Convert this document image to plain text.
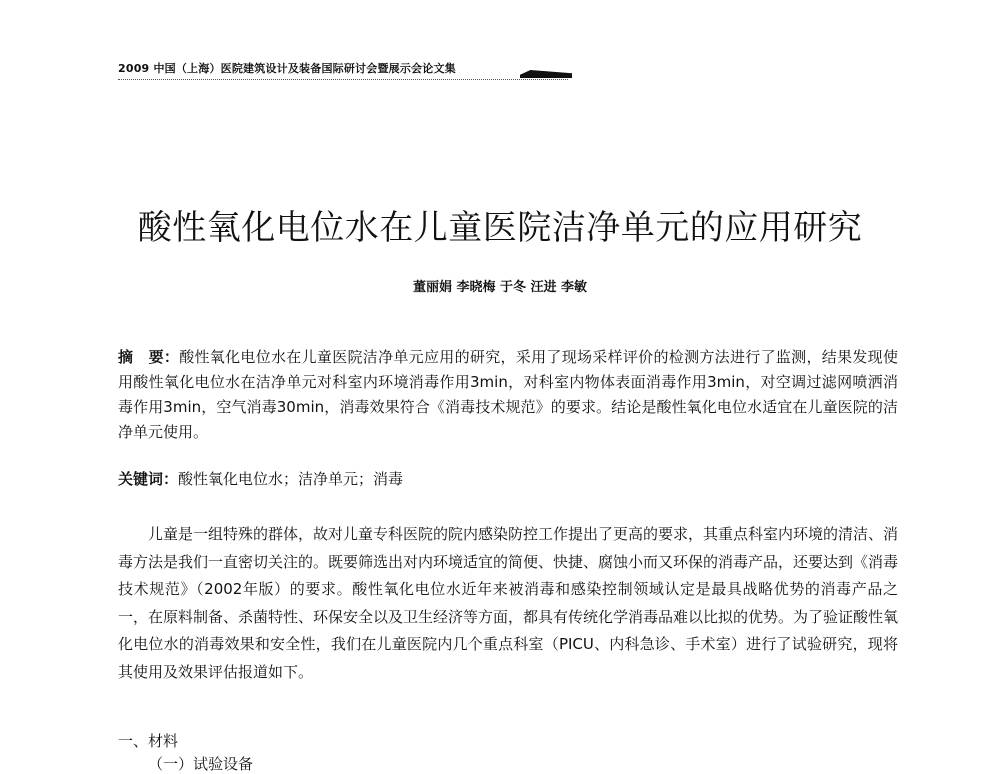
2009 中国（上海）医院建筑设计及装备国际研讨会暨展示会论文集
酸性氧化电位水在儿童医院洁净单元的应用研究
董丽娟 李晓梅 于冬 汪进 李敏
摘　要：酸性氧化电位水在儿童医院洁净单元应用的研究，采用了现场采样评价的检测方法进行了监测，结果发现使用酸性氧化电位水在洁净单元对科室内环境消毒作用3min，对科室内物体表面消毒作用3min，对空调过滤网喷洒消毒作用3min，空气消毒30min，消毒效果符合《消毒技术规范》的要求。结论是酸性氧化电位水适宜在儿童医院的洁净单元使用。
关键词：酸性氧化电位水；洁净单元；消毒
儿童是一组特殊的群体，故对儿童专科医院的院内感染防控工作提出了更高的要求，其重点科室内环境的清洁、消毒方法是我们一直密切关注的。既要筛选出对内环境适宜的简便、快捷、腐蚀小而又环保的消毒产品，还要达到《消毒技术规范》（2002年版）的要求。酸性氧化电位水近年来被消毒和感染控制领域认定是最具战略优势的消毒产品之一，在原料制备、杀菌特性、环保安全以及卫生经济等方面，都具有传统化学消毒品难以比拟的优势。为了验证酸性氧化电位水的消毒效果和安全性，我们在儿童医院内几个重点科室（PICU、内科急诊、手术室）进行了试验研究，现将其使用及效果评估报道如下。
一、材料
（一）试验设备
